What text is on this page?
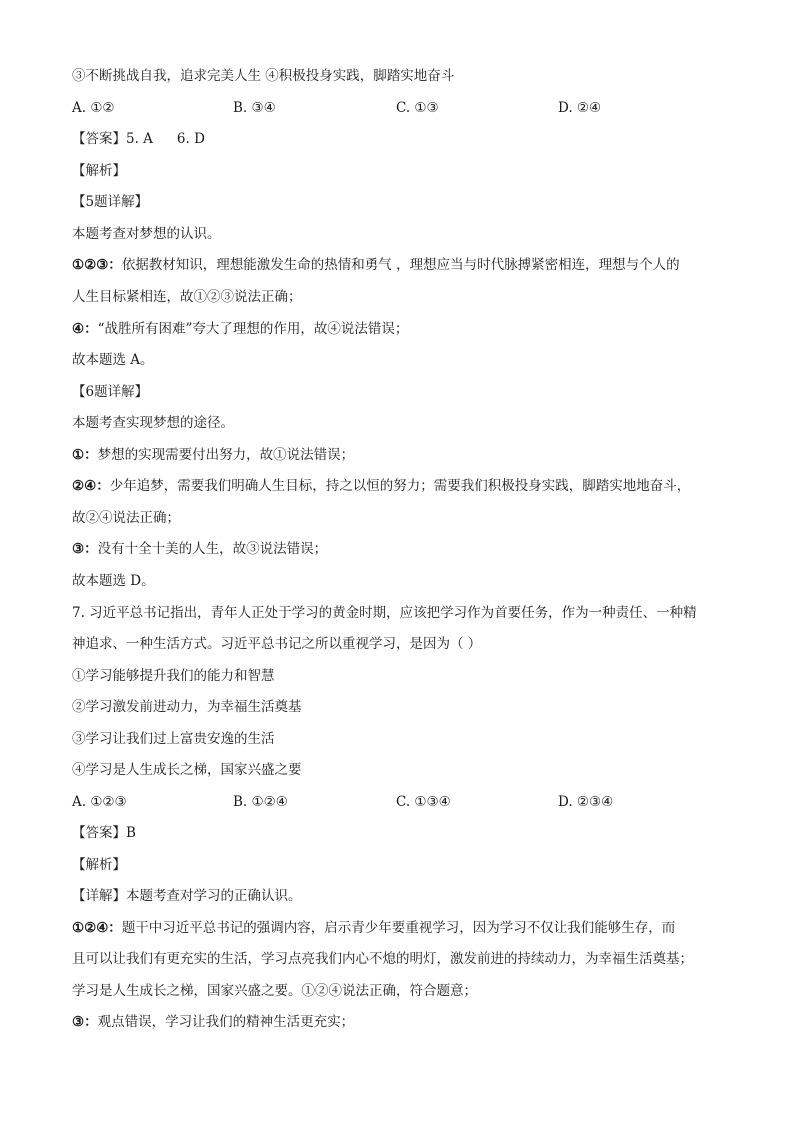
③不断挑战自我，追求完美人生 ④积极投身实践，脚踏实地奋斗
A. ①②	B. ③④	C. ①③	D. ②④
【答案】5. A 6. D
【解析】
【5题详解】
本题考查对梦想的认识。
①②③：依据教材知识，理想能激发生命的热情和勇气 ，理想应当与时代脉搏紧密相连，理想与个人的
人生目标紧相连，故①②③说法正确；
④：“战胜所有困难”夸大了理想的作用，故④说法错误；
故本题选 A。
【6题详解】
本题考查实现梦想的途径。
①：梦想的实现需要付出努力，故①说法错误；
②④：少年追梦，需要我们明确人生目标，持之以恒的努力；需要我们积极投身实践，脚踏实地地奋斗，
故②④说法正确；
③：没有十全十美的人生，故③说法错误；
故本题选 D。
7. 习近平总书记指出，青年人正处于学习的黄金时期，应该把学习作为首要任务，作为一种责任、一种精
神追求、一种生活方式。习近平总书记之所以重视学习，是因为（ ）
①学习能够提升我们的能力和智慧
②学习激发前进动力，为幸福生活奠基
③学习让我们过上富贵安逸的生活
④学习是人生成长之梯，国家兴盛之要
A. ①②③	B. ①②④	C. ①③④	D. ②③④
【答案】B
【解析】
【详解】本题考查对学习的正确认识。
①②④：题干中习近平总书记的强调内容，启示青少年要重视学习，因为学习不仅让我们能够生存，而
且可以让我们有更充实的生活，学习点亮我们内心不熄的明灯，激发前进的持续动力，为幸福生活奠基；
学习是人生成长之梯，国家兴盛之要。①②④说法正确，符合题意；
③：观点错误，学习让我们的精神生活更充实；
